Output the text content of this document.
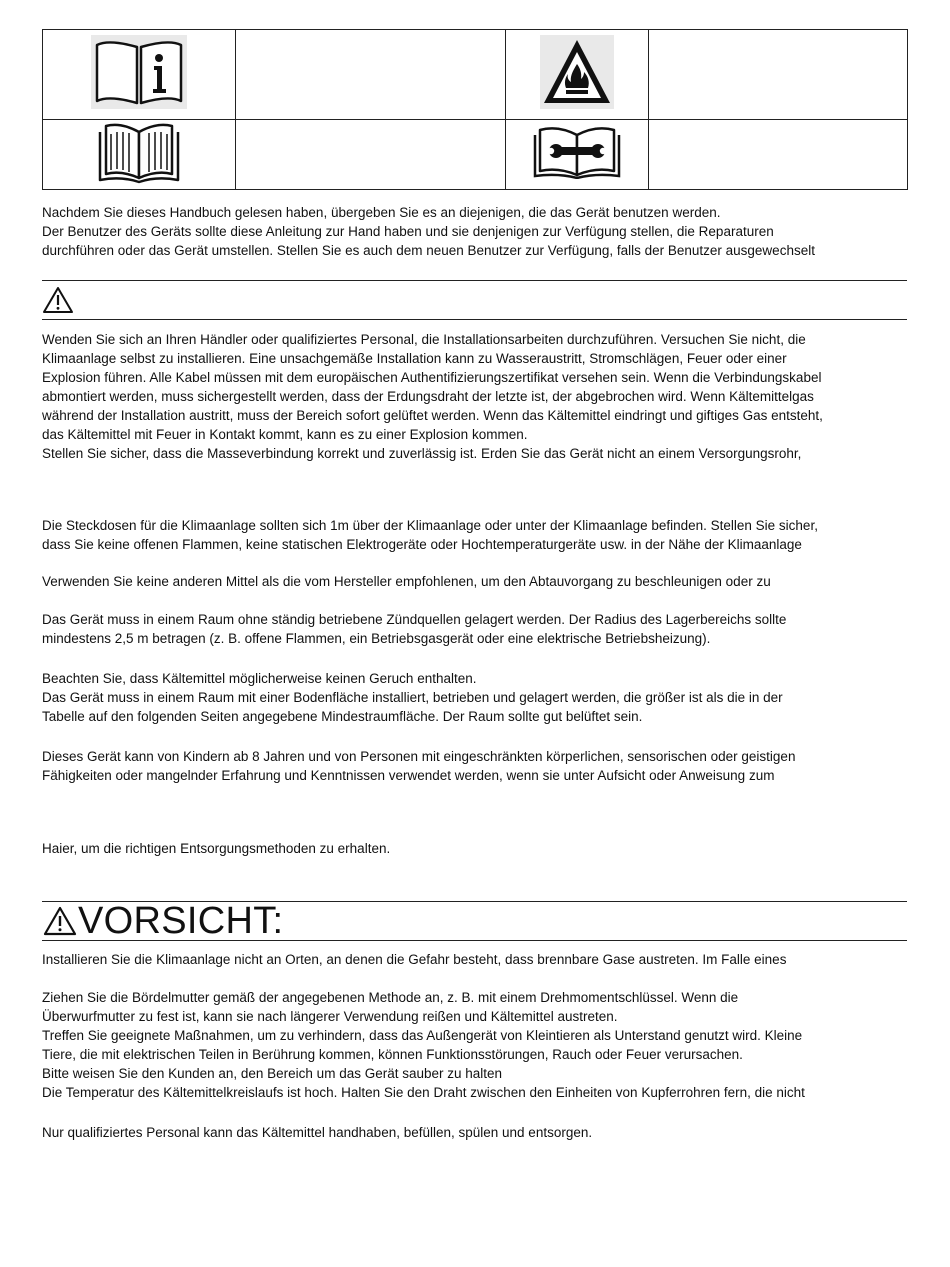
Nachdem Sie dieses Handbuch gelesen haben, übergeben Sie es an diejenigen, die das Gerät benutzen werden.
Der Benutzer des Geräts sollte diese Anleitung zur Hand haben und sie denjenigen zur Verfügung stellen, die Reparaturen
durchführen oder das Gerät umstellen. Stellen Sie es auch dem neuen Benutzer zur Verfügung, falls der Benutzer ausgewechselt
Wenden Sie sich an Ihren Händler oder qualifiziertes Personal, die Installationsarbeiten durchzuführen. Versuchen Sie nicht, die
Klimaanlage selbst zu installieren. Eine unsachgemäße Installation kann zu Wasseraustritt, Stromschlägen, Feuer oder einer
Explosion führen. Alle Kabel müssen mit dem europäischen Authentifizierungszertifikat versehen sein. Wenn die Verbindungskabel
abmontiert werden, muss sichergestellt werden, dass der Erdungsdraht der letzte ist, der abgebrochen wird. Wenn Kältemittelgas
während der Installation austritt, muss der Bereich sofort gelüftet werden. Wenn das Kältemittel eindringt und giftiges Gas entsteht,
das Kältemittel mit Feuer in Kontakt kommt, kann es zu einer Explosion kommen.
Stellen Sie sicher, dass die Masseverbindung korrekt und zuverlässig ist. Erden Sie das Gerät nicht an einem Versorgungsrohr,
Die Steckdosen für die Klimaanlage sollten sich 1m über der Klimaanlage oder unter der Klimaanlage befinden. Stellen Sie sicher,
dass Sie keine offenen Flammen, keine statischen Elektrogeräte oder Hochtemperaturgeräte usw. in der Nähe der Klimaanlage
Verwenden Sie keine anderen Mittel als die vom Hersteller empfohlenen, um den Abtauvorgang zu beschleunigen oder zu
Das Gerät muss in einem Raum ohne ständig betriebene Zündquellen gelagert werden. Der Radius des Lagerbereichs sollte
mindestens 2,5 m betragen (z. B. offene Flammen, ein Betriebsgasgerät oder eine elektrische Betriebsheizung).
Beachten Sie, dass Kältemittel möglicherweise keinen Geruch enthalten.
Das Gerät muss in einem Raum mit einer Bodenfläche installiert, betrieben und gelagert werden, die größer ist als die in der
Tabelle auf den folgenden Seiten angegebene Mindestraumfläche. Der Raum sollte gut belüftet sein.
Dieses Gerät kann von Kindern ab 8 Jahren und von Personen mit eingeschränkten körperlichen, sensorischen oder geistigen
Fähigkeiten oder mangelnder Erfahrung und Kenntnissen verwendet werden, wenn sie unter Aufsicht oder Anweisung zum
Haier, um die richtigen Entsorgungsmethoden zu erhalten.
VORSICHT:
Installieren Sie die Klimaanlage nicht an Orten, an denen die Gefahr besteht, dass brennbare Gase austreten. Im Falle eines
Ziehen Sie die Bördelmutter gemäß der angegebenen Methode an, z. B. mit einem Drehmomentschlüssel. Wenn die
Überwurfmutter zu fest ist, kann sie nach längerer Verwendung reißen und Kältemittel austreten.
Treffen Sie geeignete Maßnahmen, um zu verhindern, dass das Außengerät von Kleintieren als Unterstand genutzt wird. Kleine
Tiere, die mit elektrischen Teilen in Berührung kommen, können Funktionsstörungen, Rauch oder Feuer verursachen.
Bitte weisen Sie den Kunden an, den Bereich um das Gerät sauber zu halten
Die Temperatur des Kältemittelkreislaufs ist hoch. Halten Sie den Draht zwischen den Einheiten von Kupferrohren fern, die nicht
Nur qualifiziertes Personal kann das Kältemittel handhaben, befüllen, spülen und entsorgen.
